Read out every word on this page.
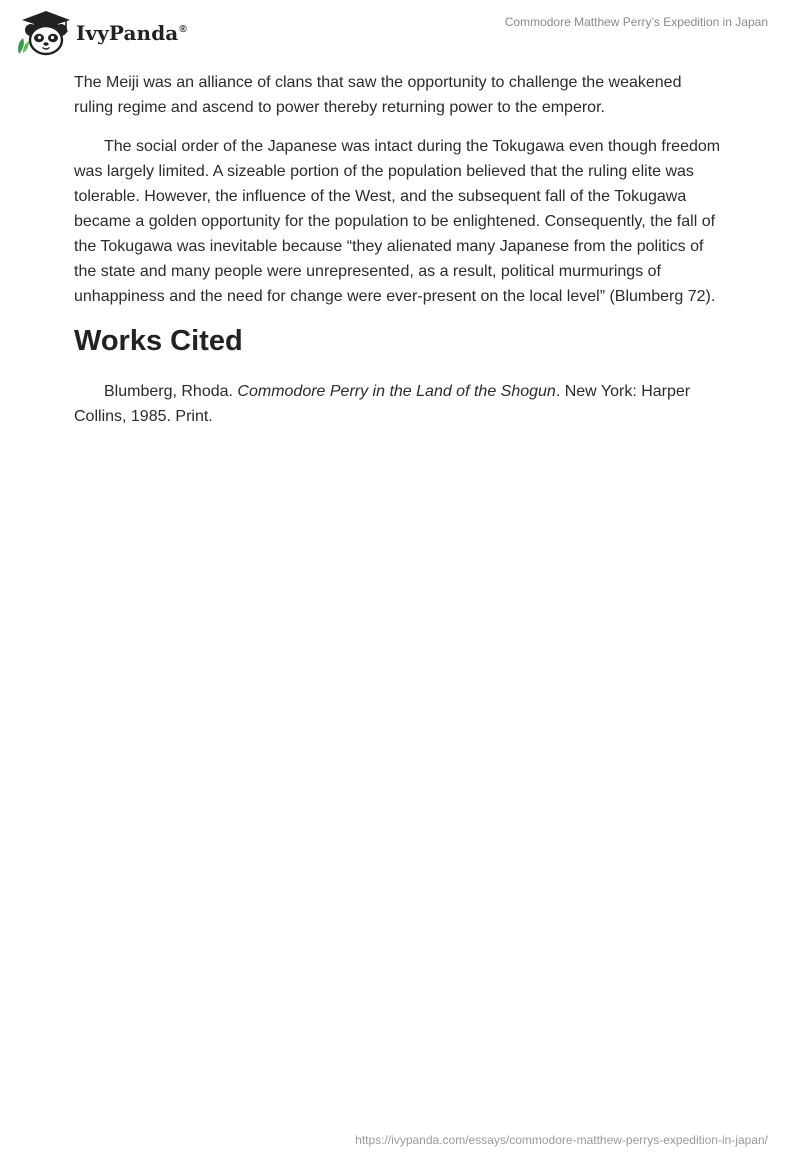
IvyPanda®
Commodore Matthew Perry’s Expedition in Japan

The Meiji was an alliance of clans that saw the opportunity to challenge the weakened ruling regime and ascend to power thereby returning power to the emperor.

The social order of the Japanese was intact during the Tokugawa even though freedom was largely limited. A sizeable portion of the population believed that the ruling elite was tolerable. However, the influence of the West, and the subsequent fall of the Tokugawa became a golden opportunity for the population to be enlightened. Consequently, the fall of the Tokugawa was inevitable because “they alienated many Japanese from the politics of the state and many people were unrepresented, as a result, political murmurings of unhappiness and the need for change were ever-present on the local level” (Blumberg 72).

Works Cited

Blumberg, Rhoda. Commodore Perry in the Land of the Shogun. New York: Harper Collins, 1985. Print.

https://ivypanda.com/essays/commodore-matthew-perrys-expedition-in-japan/
